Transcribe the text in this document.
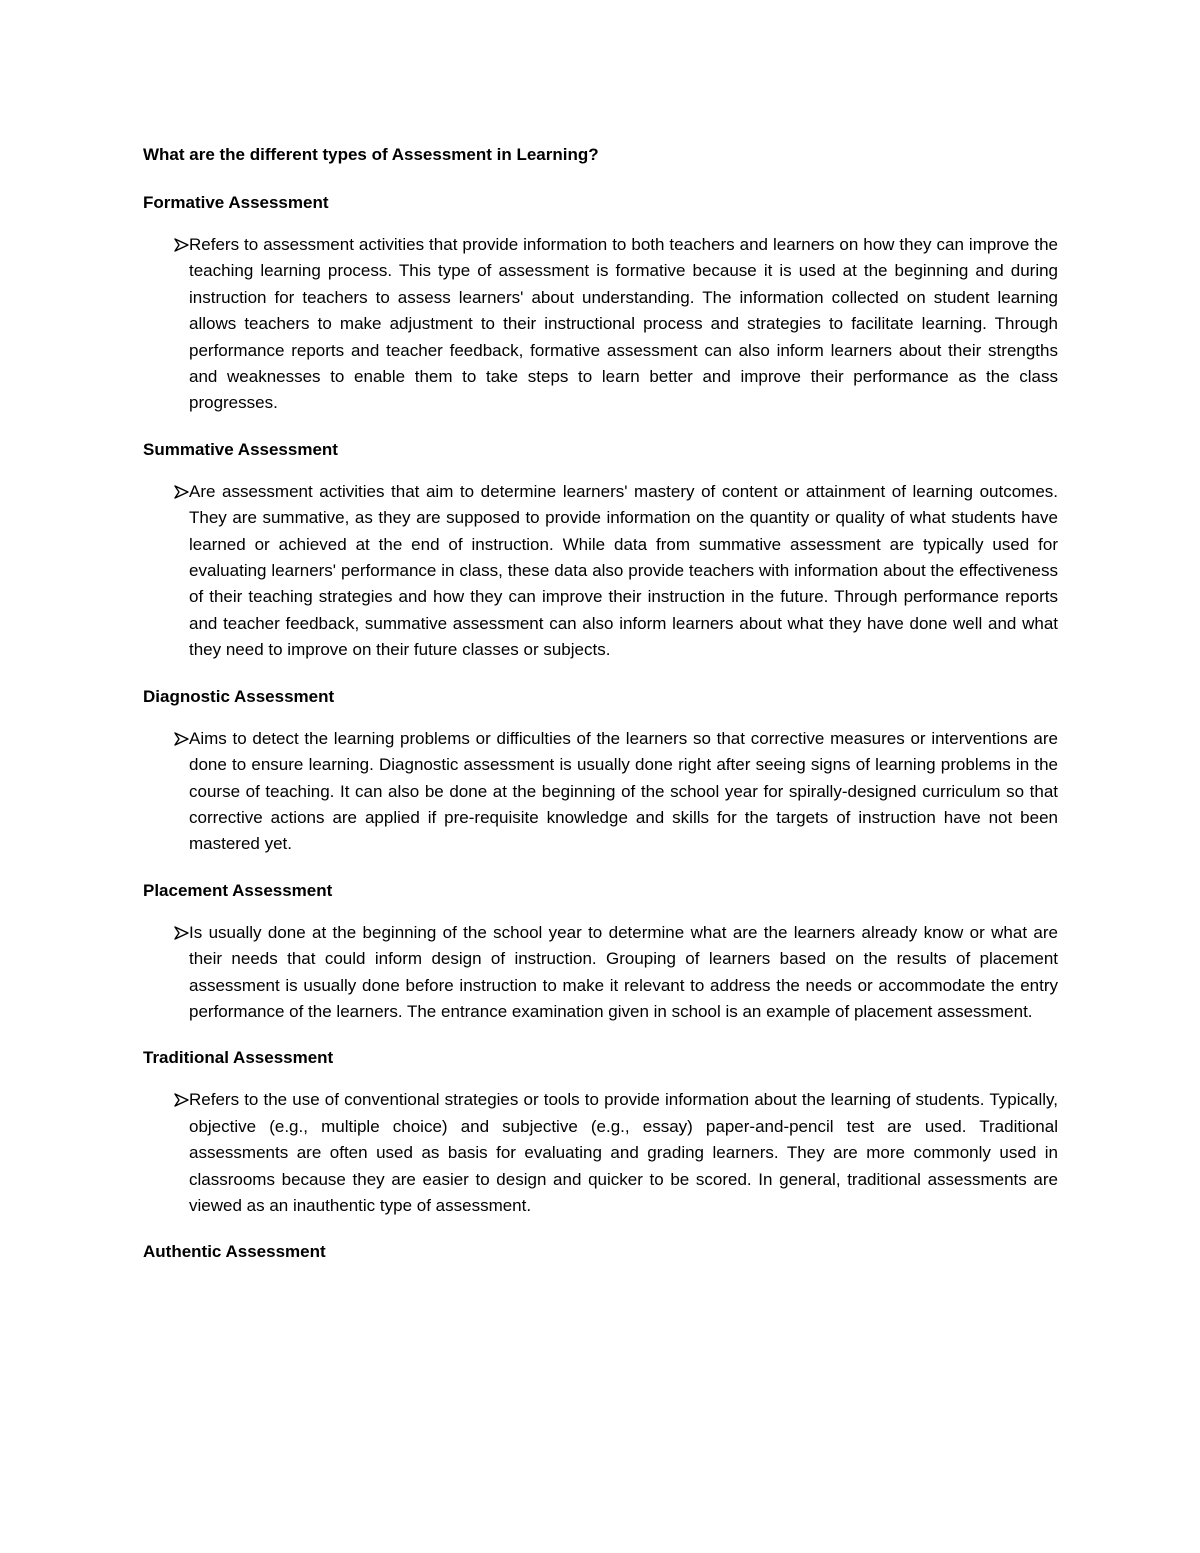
What are the different types of Assessment in Learning?
Formative Assessment

Refers to assessment activities that provide information to both teachers and learners on how they can improve the teaching learning process. This type of assessment is formative because it is used at the beginning and during instruction for teachers to assess learners' about understanding. The information collected on student learning allows teachers to make adjustment to their instructional process and strategies to facilitate learning. Through performance reports and teacher feedback, formative assessment can also inform learners about their strengths and weaknesses to enable them to take steps to learn better and improve their performance as the class progresses.

Summative Assessment

Are assessment activities that aim to determine learners' mastery of content or attainment of learning outcomes. They are summative, as they are supposed to provide information on the quantity or quality of what students have learned or achieved at the end of instruction. While data from summative assessment are typically used for evaluating learners' performance in class, these data also provide teachers with information about the effectiveness of their teaching strategies and how they can improve their instruction in the future. Through performance reports and teacher feedback, summative assessment can also inform learners about what they have done well and what they need to improve on their future classes or subjects.

Diagnostic Assessment

Aims to detect the learning problems or difficulties of the learners so that corrective measures or interventions are done to ensure learning. Diagnostic assessment is usually done right after seeing signs of learning problems in the course of teaching. It can also be done at the beginning of the school year for spirally-designed curriculum so that corrective actions are applied if pre-requisite knowledge and skills for the targets of instruction have not been mastered yet.

Placement Assessment

Is usually done at the beginning of the school year to determine what are the learners already know or what are their needs that could inform design of instruction. Grouping of learners based on the results of placement assessment is usually done before instruction to make it relevant to address the needs or accommodate the entry performance of the learners. The entrance examination given in school is an example of placement assessment.

Traditional Assessment

Refers to the use of conventional strategies or tools to provide information about the learning of students. Typically, objective (e.g., multiple choice) and subjective (e.g., essay) paper-and-pencil test are used. Traditional assessments are often used as basis for evaluating and grading learners. They are more commonly used in classrooms because they are easier to design and quicker to be scored. In general, traditional assessments are viewed as an inauthentic type of assessment.

Authentic Assessment
